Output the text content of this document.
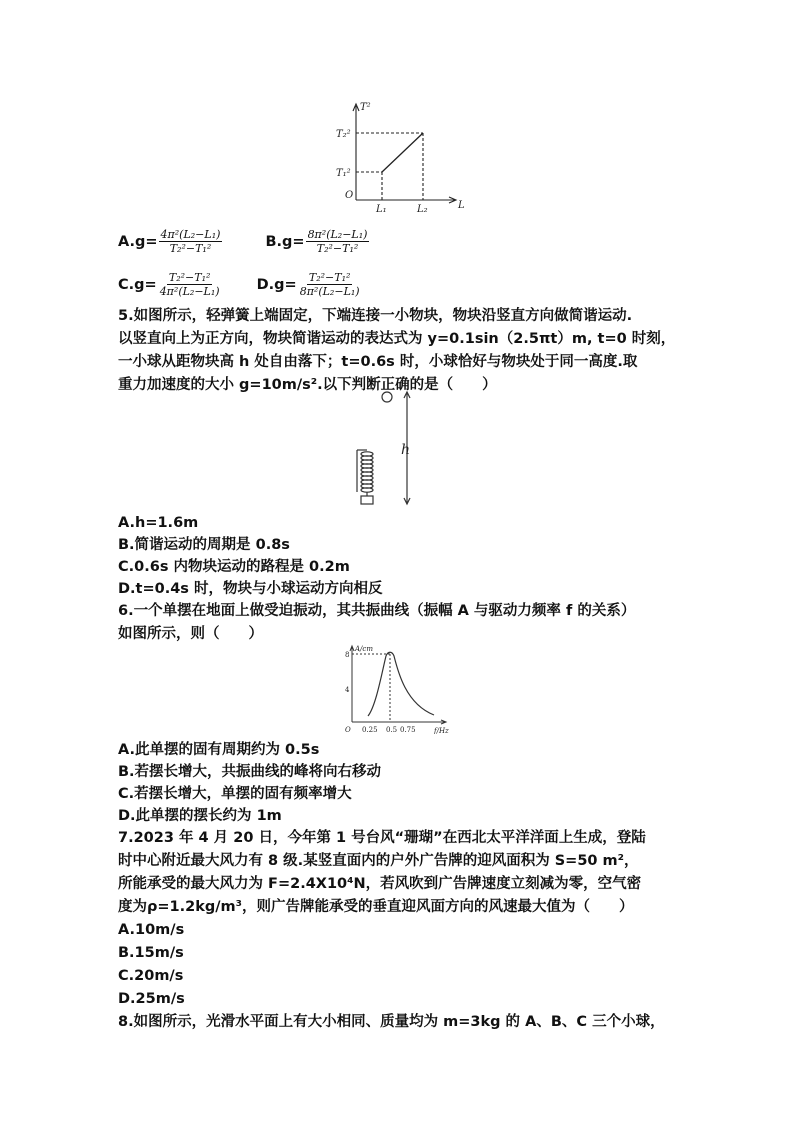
T²
L
O
T₂²
T₁²
L₁	L₂
$A.g= \frac{\text{4π²(L₂−L₁)}}{\text{T₂²−T₁²}}$
	$B.g= \frac{\text{8π²(L₂−L₁)}}{\text{T₂²−T₁²}}$
$C.g= \frac{\text{T₂²−T₁²}}{\text{4π²(L₂−L₁)}}$
$D.g= \frac{\text{T₂²−T₁²}}{\text{8π²(L₂−L₁)}}$
5.如图所示，轻弹簧上端固定，下端连接一小物块，物块沿竖直方向做简谐运动.
以竖直向上为正方向，物块简谐运动的表达式为 y=0.1sin（2.5πt）m, t=0 时刻，
一小球从距物块高 h 处自由落下；t=0.6s 时，小球恰好与物块处于同一高度.取
重力加速度的大小 g=10m/s².以下判断正确的是（　　）
h
A.h=1.6m
B.简谐运动的周期是 0.8s
C.0.6s 内物块运动的路程是 0.2m
D.t=0.4s 时，物块与小球运动方向相反
6.一个单摆在地面上做受迫振动，其共振曲线（振幅 A 与驱动力频率 f 的关系）
如图所示，则（　　）
A/cm
f/Hz
O
8
4
0.25 0.5 0.75
A.此单摆的固有周期约为 0.5s
B.若摆长增大，共振曲线的峰将向右移动
C.若摆长增大，单摆的固有频率增大
D.此单摆的摆长约为 1m
7.2023 年 4 月 20 日，今年第 1 号台风“珊瑚”在西北太平洋洋面上生成，登陆
时中心附近最大风力有 8 级.某竖直面内的户外广告牌的迎风面积为 S=50 m²，
所能承受的最大风力为 F=2.4X10⁴N，若风吹到广告牌速度立刻减为零，空气密
度为ρ=1.2kg/m³，则广告牌能承受的垂直迎风面方向的风速最大值为（　　）
A.10m/s
B.15m/s
C.20m/s
D.25m/s
8.如图所示，光滑水平面上有大小相同、质量均为 m=3kg 的 A、B、C 三个小球，
